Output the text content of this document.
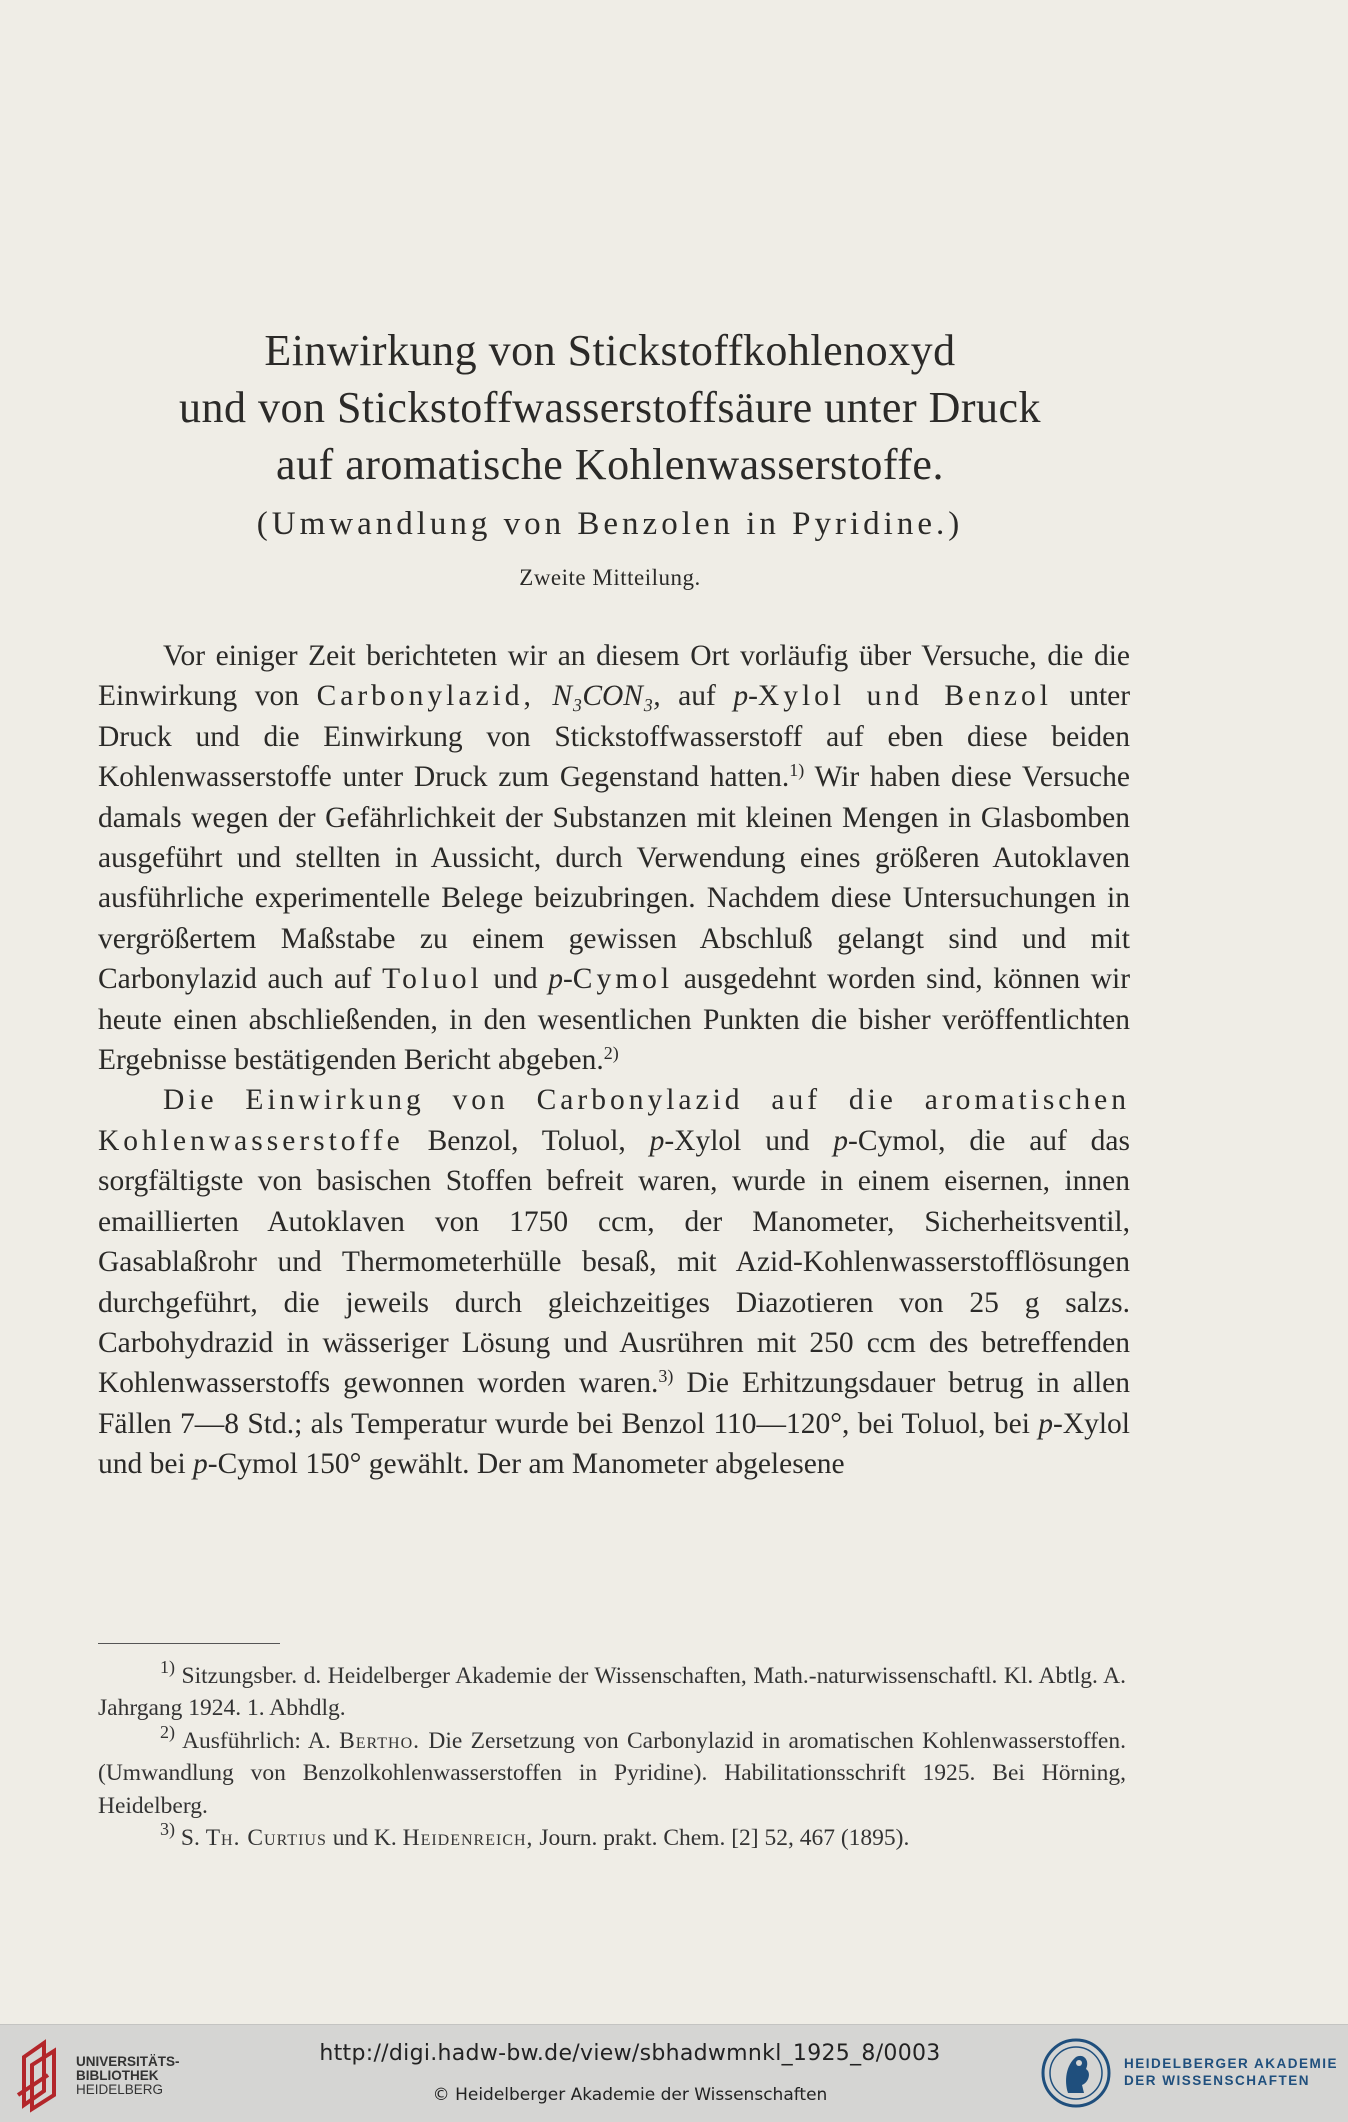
Einwirkung von Stickstoffkohlenoxyd
und von Stickstoffwasserstoffsäure unter Druck
auf aromatische Kohlenwasserstoffe.
(Umwandlung von Benzolen in Pyridine.)
Zweite Mitteilung.

Vor einiger Zeit berichteten wir an diesem Ort vorläufig über Versuche, die die Einwirkung von Carbonylazid, N₃CON₃, auf p-Xylol und Benzol unter Druck und die Einwirkung von Stickstoffwasserstoff auf eben diese beiden Kohlenwasserstoffe unter Druck zum Gegenstand hatten.$^{1)}$ Wir haben diese Versuche damals wegen der Gefährlichkeit der Substanzen mit kleinen Mengen in Glasbomben ausgeführt und stellten in Aussicht, durch Verwendung eines größeren Autoklaven ausführliche experimentelle Belege beizubringen. Nachdem diese Untersuchungen in vergrößertem Maßstabe zu einem gewissen Abschluß gelangt sind und mit Carbonylazid auch auf Toluol und p-Cymol ausgedehnt worden sind, können wir heute einen abschließenden, in den wesentlichen Punkten die bisher veröffentlichten Ergebnisse bestätigenden Bericht abgeben.$^{2)}$

Die Einwirkung von Carbonylazid auf die aromatischen Kohlenwasserstoffe Benzol, Toluol, p-Xylol und p-Cymol, die auf das sorgfältigste von basischen Stoffen befreit waren, wurde in einem eisernen, innen emaillierten Autoklaven von 1750 ccm, der Manometer, Sicherheitsventil, Gasablaßrohr und Thermometerhülle besaß, mit Azid-Kohlenwasserstofflösungen durchgeführt, die jeweils durch gleichzeitiges Diazotieren von 25 g salzs. Carbohydrazid in wässeriger Lösung und Ausrühren mit 250 ccm des betreffenden Kohlenwasserstoffs gewonnen worden waren.$^{3)}$ Die Erhitzungsdauer betrug in allen Fällen 7—8 Std.; als Temperatur wurde bei Benzol 110—120°, bei Toluol, bei p-Xylol und bei p-Cymol 150° gewählt. Der am Manometer abgelesene

$^{1)}$ Sitzungsber. d. Heidelberger Akademie der Wissenschaften, Math.-naturwissenschaftl. Kl. Abtlg. A. Jahrgang 1924. 1. Abhdlg.

$^{2)}$ Ausführlich: A. Bertho. Die Zersetzung von Carbonylazid in aromatischen Kohlenwasserstoffen. (Umwandlung von Benzolkohlenwasserstoffen in Pyridine). Habilitationsschrift 1925. Bei Hörning, Heidelberg.

$^{3)}$ S. Th. Curtius und K. Heidenreich, Journ. prakt. Chem. [2] 52, 467 (1895).

UNIVERSITÄTS-
BIBLIOTHEK
HEIDELBERG
http://digi.hadw-bw.de/view/sbhadwmnkl_1925_8/0003
© Heidelberger Akademie der Wissenschaften
HEIDELBERGER AKADEMIE
DER WISSENSCHAFTEN
